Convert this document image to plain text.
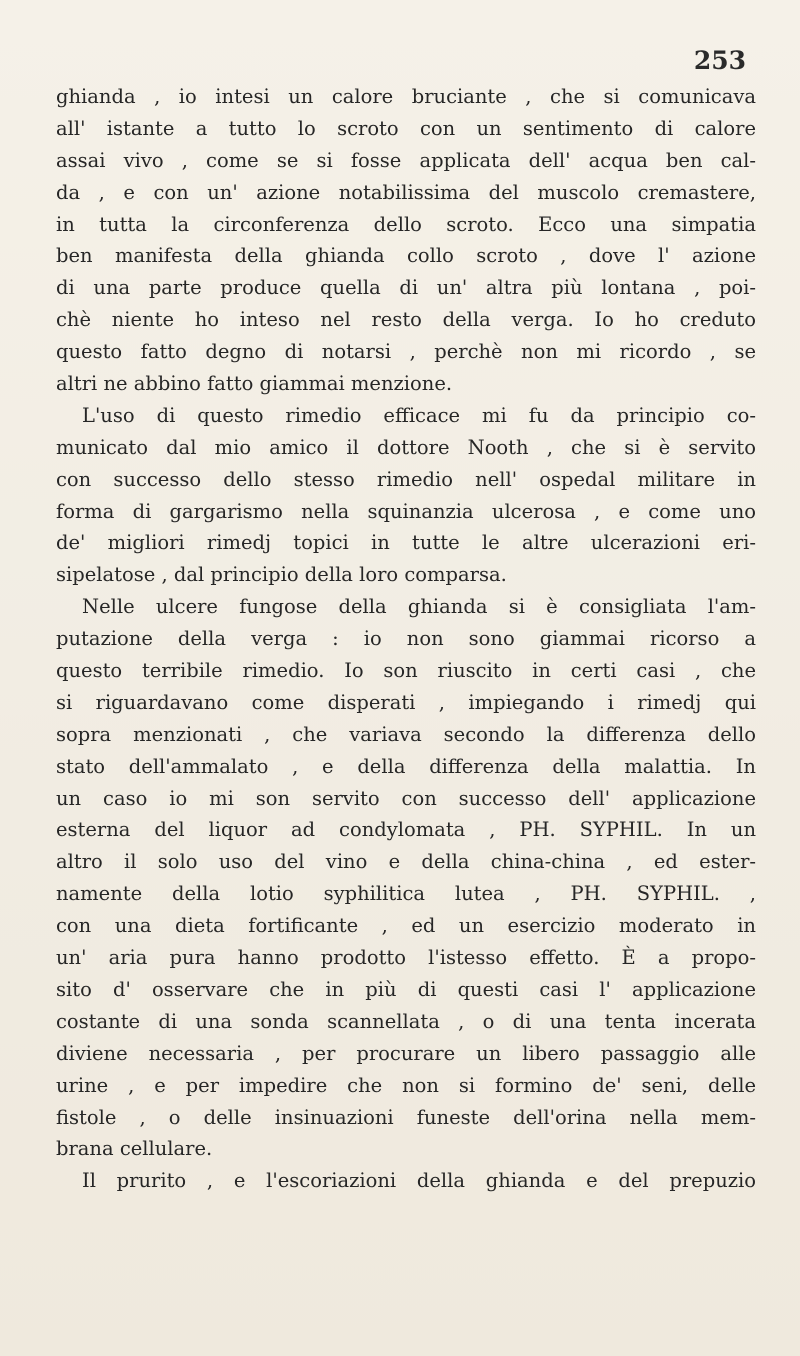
253
ghianda , io intesi un calore bruciante , che si comunicava
all' istante a tutto lo scroto con un sentimento di calore
assai vivo , come se si fosse applicata dell' acqua ben cal-
da , e con un' azione notabilissima del muscolo cremastere,
in tutta la circonferenza dello scroto. Ecco una simpatia
ben manifesta della ghianda collo scroto , dove l' azione
di una parte produce quella di un' altra più lontana , poi-
chè niente ho inteso nel resto della verga. Io ho creduto
questo fatto degno di notarsi , perchè non mi ricordo , se
altri ne abbino fatto giammai menzione.
L'uso di questo rimedio efficace mi fu da principio co-
municato dal mio amico il dottore Nooth , che si è servito
con successo dello stesso rimedio nell' ospedal militare in
forma di gargarismo nella squinanzia ulcerosa , e come uno
de' migliori rimedj topici in tutte le altre ulcerazioni eri-
sipelatose , dal principio della loro comparsa.
Nelle ulcere fungose della ghianda si è consigliata l'am-
putazione della verga : io non sono giammai ricorso a
questo terribile rimedio. Io son riuscito in certi casi , che
si riguardavano come disperati , impiegando i rimedj qui
sopra menzionati , che variava secondo la differenza dello
stato dell'ammalato , e della differenza della malattia. In
un caso io mi son servito con successo dell' applicazione
esterna del liquor ad condylomata , PH. SYPHIL. In un
altro il solo uso del vino e della china-china , ed ester-
namente della lotio syphilitica lutea , PH. SYPHIL. ,
con una dieta fortificante , ed un esercizio moderato in
un' aria pura hanno prodotto l'istesso effetto. È a propo-
sito d' osservare che in più di questi casi l' applicazione
costante di una sonda scannellata , o di una tenta incerata
diviene necessaria , per procurare un libero passaggio alle
urine , e per impedire che non si formino de' seni, delle
fistole , o delle insinuazioni funeste dell'orina nella mem-
brana cellulare.
Il prurito , e l'escoriazioni della ghianda e del prepuzio
